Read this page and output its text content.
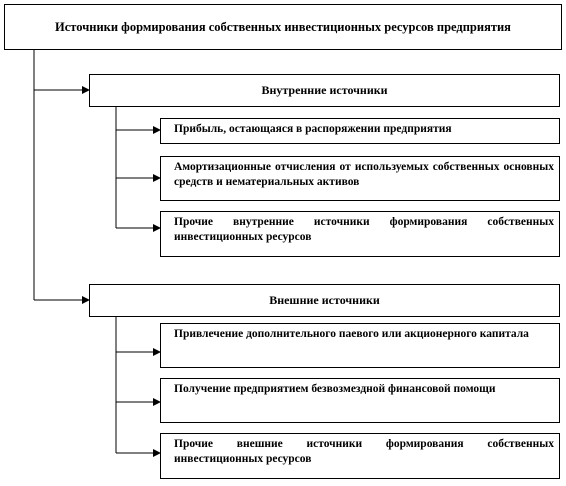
Источники формирования собственных инвестиционных ресурсов предприятия
Внутренние источники
Прибыль, остающаяся в распоряжении предприятия
Амортизационные отчисления от используемых собственных основных средств и нематериальных активов
Прочие внутренние источники формирования собственных инвестиционных ресурсов
Внешние источники
Привлечение дополнительного паевого или акционерного капитала
Получение предприятием безвозмездной финансовой помощи
Прочие внешние источники формирования собственных инвестиционных ресурсов
